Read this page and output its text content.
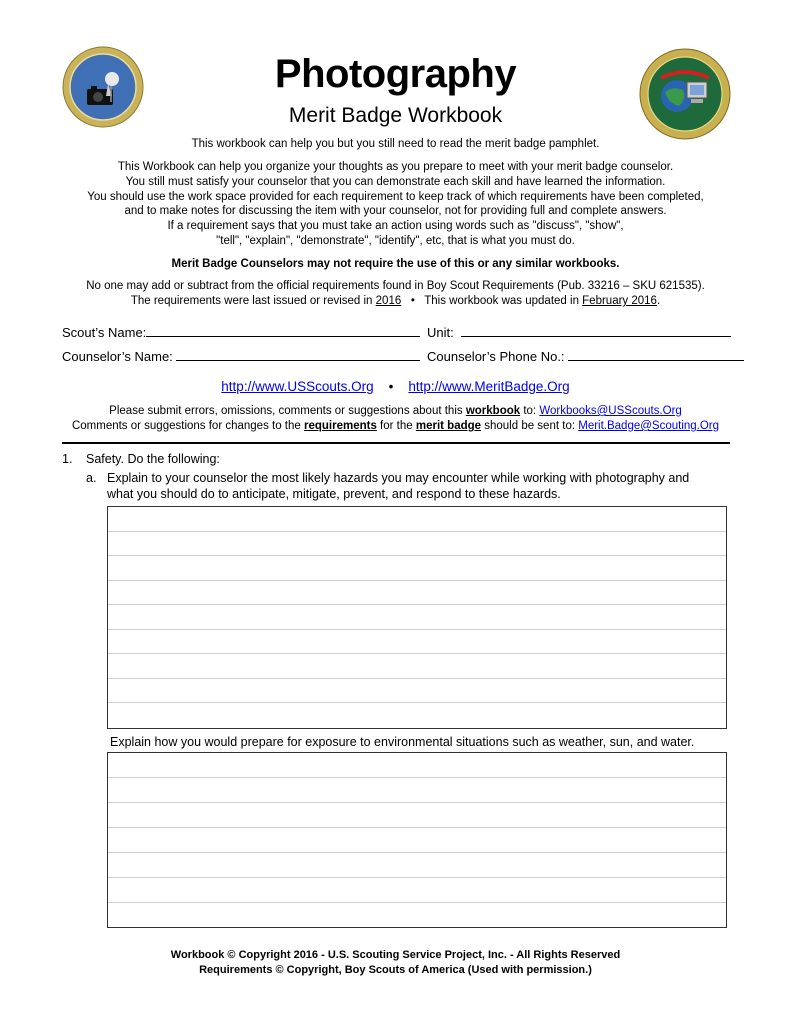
Photography
Merit Badge Workbook
This workbook can help you but you still need to read the merit badge pamphlet.
This Workbook can help you organize your thoughts as you prepare to meet with your merit badge counselor.
You still must satisfy your counselor that you can demonstrate each skill and have learned the information.
You should use the work space provided for each requirement to keep track of which requirements have been completed,
and to make notes for discussing the item with your counselor, not for providing full and complete answers.
If a requirement says that you must take an action using words such as "discuss", "show",
"tell", "explain", "demonstrate", "identify", etc, that is what you must do.
Merit Badge Counselors may not require the use of this or any similar workbooks.
No one may add or subtract from the official requirements found in Boy Scout Requirements (Pub. 33216 – SKU 621535).
The requirements were last issued or revised in 2016 • This workbook was updated in February 2016.
Scout’s Name:	Unit:
Counselor’s Name:	Counselor’s Phone No.:
http://www.USScouts.Org • http://www.MeritBadge.Org
Please submit errors, omissions, comments or suggestions about this workbook to: Workbooks@USScouts.Org
Comments or suggestions for changes to the requirements for the merit badge should be sent to: Merit.Badge@Scouting.Org
1. Safety. Do the following:
a. Explain to your counselor the most likely hazards you may encounter while working with photography and what you should do to anticipate, mitigate, prevent, and respond to these hazards.
Explain how you would prepare for exposure to environmental situations such as weather, sun, and water.
Workbook © Copyright 2016 - U.S. Scouting Service Project, Inc. - All Rights Reserved
Requirements © Copyright, Boy Scouts of America (Used with permission.)
